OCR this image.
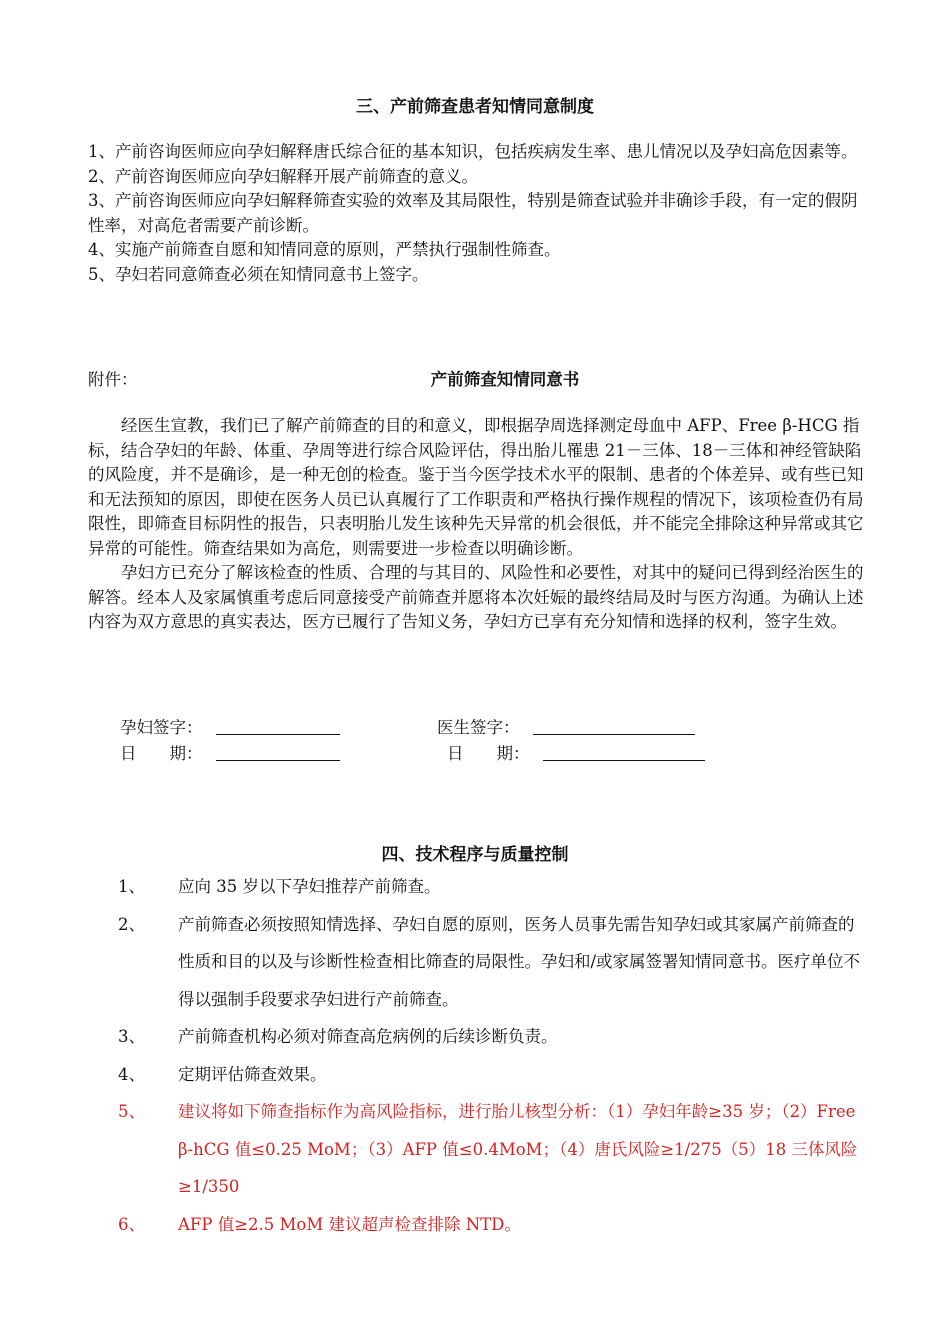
三、产前筛查患者知情同意制度

1、产前咨询医师应向孕妇解释唐氏综合征的基本知识，包括疾病发生率、患儿情况以及孕妇高危因素等。

2、产前咨询医师应向孕妇解释开展产前筛查的意义。

3、产前咨询医师应向孕妇解释筛查实验的效率及其局限性，特别是筛查试验并非确诊手段，有一定的假阴性率，对高危者需要产前诊断。

4、实施产前筛查自愿和知情同意的原则，严禁执行强制性筛查。

5、孕妇若同意筛查必须在知情同意书上签字。

附件：	产前筛查知情同意书

经医生宣教，我们已了解产前筛查的目的和意义，即根据孕周选择测定母血中 AFP、Free β-HCG 指标，结合孕妇的年龄、体重、孕周等进行综合风险评估，得出胎儿罹患 21－三体、18－三体和神经管缺陷的风险度，并不是确诊，是一种无创的检查。鉴于当今医学技术水平的限制、患者的个体差异、或有些已知和无法预知的原因，即使在医务人员已认真履行了工作职责和严格执行操作规程的情况下，该项检查仍有局限性，即筛查目标阴性的报告，只表明胎儿发生该种先天异常的机会很低，并不能完全排除这种异常或其它异常的可能性。筛查结果如为高危，则需要进一步检查以明确诊断。

孕妇方已充分了解该检查的性质、合理的与其目的、风险性和必要性，对其中的疑问已得到经治医生的解答。经本人及家属慎重考虑后同意接受产前筛查并愿将本次妊娠的最终结局及时与医方沟通。为确认上述内容为双方意思的真实表达，医方已履行了告知义务，孕妇方已享有充分知情和选择的权利，签字生效。

孕妇签字：
日　　期：
医生签字：
日　　期：
四、技术程序与质量控制
1、	应向 35 岁以下孕妇推荐产前筛查。
2、	产前筛查必须按照知情选择、孕妇自愿的原则，医务人员事先需告知孕妇或其家属产前筛查的性质和目的以及与诊断性检查相比筛查的局限性。孕妇和/或家属签署知情同意书。医疗单位不得以强制手段要求孕妇进行产前筛查。
3、	产前筛查机构必须对筛查高危病例的后续诊断负责。
4、	定期评估筛查效果。
5、	建议将如下筛查指标作为高风险指标，进行胎儿核型分析：（1）孕妇年龄≥35 岁；（2）Free β-hCG 值≤0.25 MoM；（3）AFP 值≤0.4MoM；（4）唐氏风险≥1/275（5）18 三体风险≥1/350
6、	AFP 值≥2.5 MoM 建议超声检查排除 NTD。
